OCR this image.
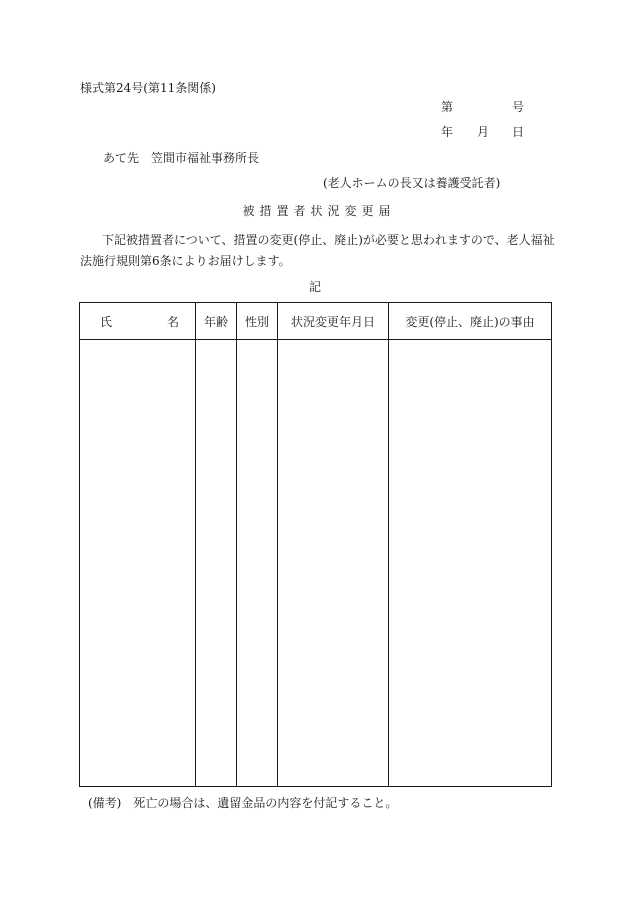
様式第24号(第11条関係)
第	号
年 月 日
あて先　笠間市福祉事務所長
(老人ホームの長又は養護受託者)
被措置者状況変更届
下記被措置者について、措置の変更(停止、廃止)が必要と思われますので、老人福祉法施行規則第6条によりお届けします。
記
氏 名	年齢	性別	状況変更年月日	変更(停止、廃止)の事由

(備考)　死亡の場合は、遺留金品の内容を付記すること。
